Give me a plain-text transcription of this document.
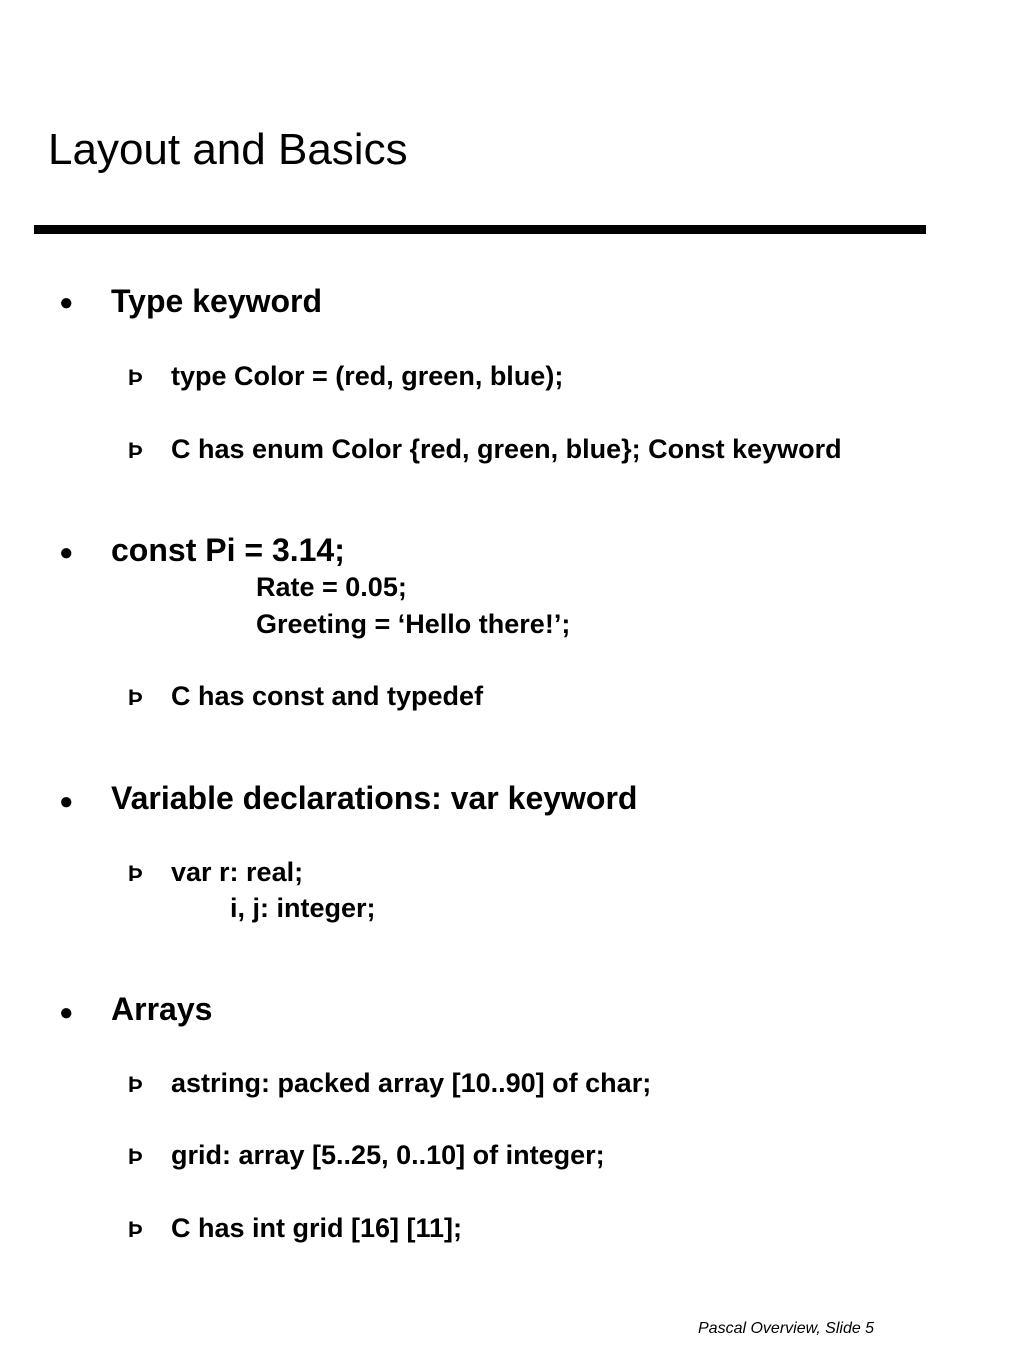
Layout and Basics
● Type keyword
Þ type Color = (red, green, blue);
Þ C has enum Color {red, green, blue}; Const keyword
● const Pi = 3.14;
Rate = 0.05;
Greeting = ‘Hello there!’;
Þ C has const and typedef
● Variable declarations: var keyword
Þ var r: real;
i, j: integer;
● Arrays
Þ astring: packed array [10..90] of char;
Þ grid: array [5..25, 0..10] of integer;
Þ C has int grid [16] [11];
Pascal Overview, Slide 5
